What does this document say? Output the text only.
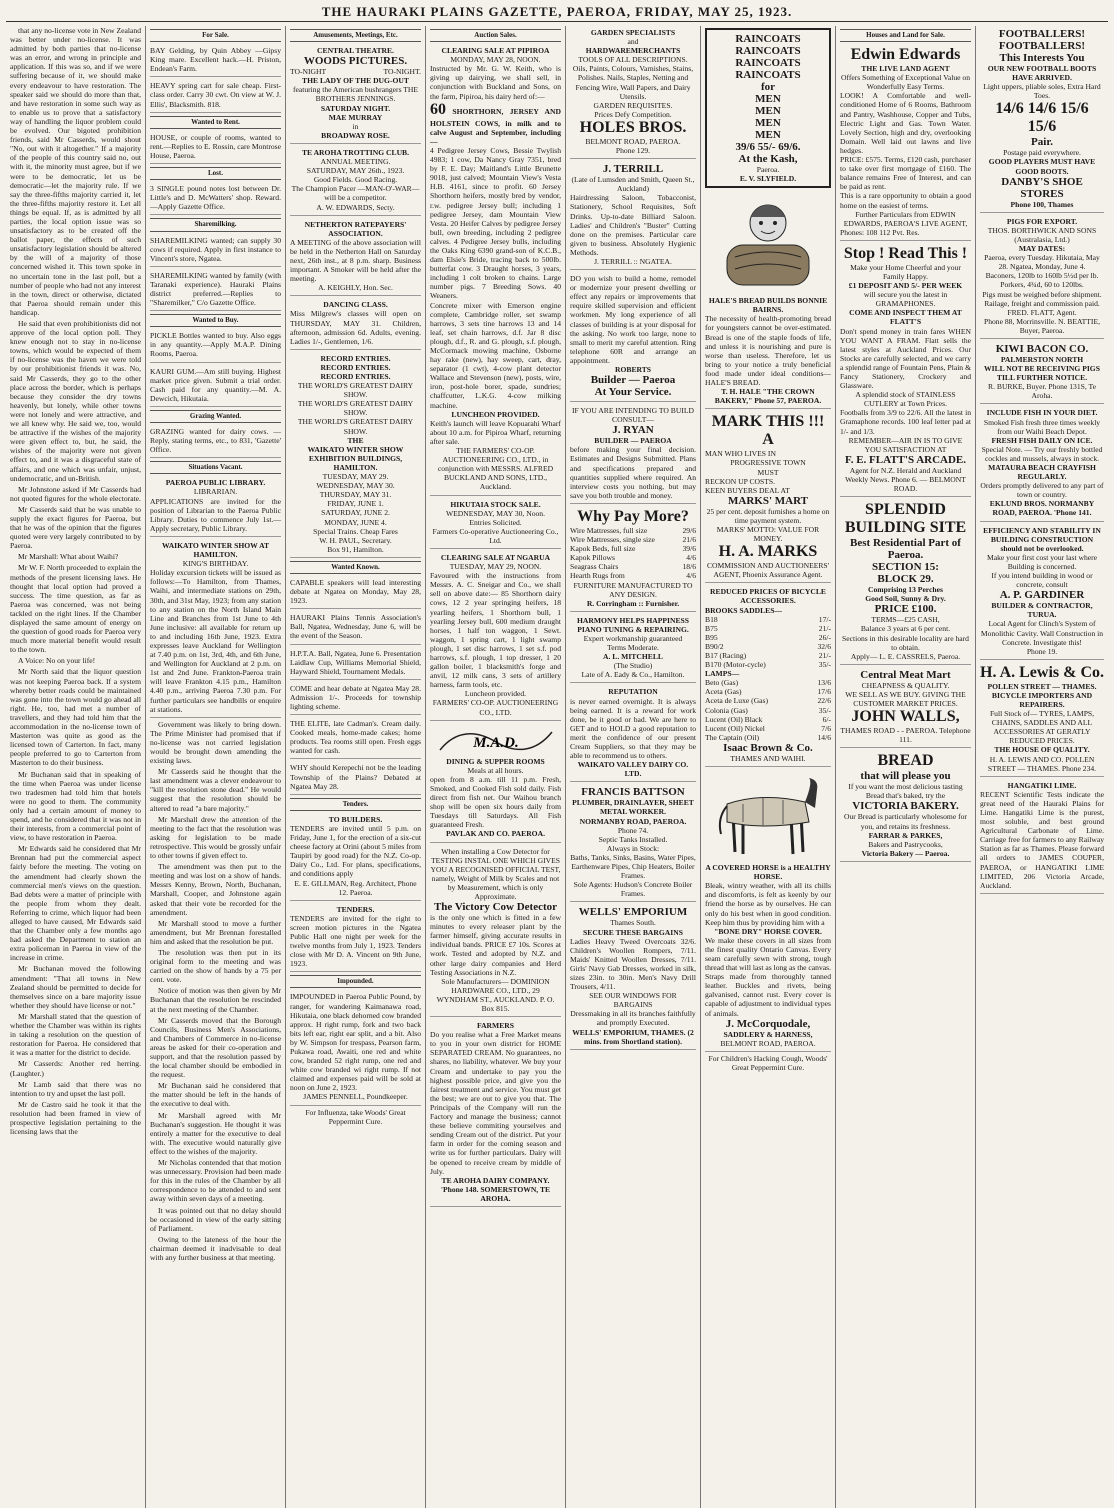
THE HAURAKI PLAINS GAZETTE, PAEROA, FRIDAY, MAY 25, 1923.

that any no-license vote in New Zealand was better under no-license. It was admitted by both parties that no-license was an error, and wrong in principle and application. If this was so, and if we were suffering because of it, we should make every endeavour to have restoration. The speaker said we should do more than that, and have restoration in some such way as to enable us to prove that a satisfactory way of handling the liquor problem could be evolved. Our bigoted prohibition friends, said Mr Casserds, would shout "No, out with it altogether." If a majority of the people of this country said no, out with it, the minority must agree, but if we were to be democratic, let us be democratic—let the majority rule. If we say the three-fifths majority carried it, let the three-fifths majority restore it. Let all things be equal. If, as is admitted by all parties, the local option issue was so unsatisfactory as to be created off the ballot paper, the effects of such unsatisfactory legislation should be altered by the will of a majority of those concerned wished it. This town spoke in no uncertain tone in the last poll, but a number of people who had not any interest in the town, direct or otherwise, dictated that Paeroa should remain under this handicap.

He said that even prohibitionists did not approve of the local option poll. They knew enough not to stay in no-license towns, which would be expected of them if no-license was the haven we were told by our prohibitionist friends it was. No, said Mr Casserds, they go to the other place across the border, which is perhaps because they consider the dry towns heavenly, but lonely, while other towns were not lonely and were attractive, and we all knew why. He said we, too, would be attractive if the wishes of the majority were given effect to, but, he said, the wishes of the majority were not given effect to, and it was a disgraceful state of affairs, and one which was unfair, unjust, undemocratic, and un-British.

Mr Johnstone asked if Mr Casserds had not quoted figures for the whole electorate.

Mr Casserds said that he was unable to supply the exact figures for Paeroa, but that he was of the opinion that the figures quoted were very largely contributed to by Paeroa.

Mr Marshall: What about Waihi?

Mr W. F. North proceeded to explain the methods of the present licensing laws. He thought that local option had proved a success. The time question, as far as Paeroa was concerned, was not being tackled on the right lines. If the Chamber displayed the same amount of energy on the question of good roads for Paeroa very much more material benefit would result to the town.

A Voice: No on your life!

Mr North said that the liquor question was not keeping Paeroa back. If a system whereby better roads could be maintained was gone into the town would go ahead all right. He, too, had met a number of travellers, and they had told him that the accommodation in the no-license town of Masterton was quite as good as the licensed town of Carterton. In fact, many people preferred to go to Carterton from Masterton to do their business.

Mr Buchanan said that in speaking of the time when Paeroa was under license two tradesmen had told him that hotels were no good to them. The community only had a certain amount of money to spend, and he considered that it was not in their interests, from a commercial point of view, to have restoration in Paeroa.

Mr Edwards said he considered that Mr Brennan had put the commercial aspect fairly before the meeting. The voting on the amendment had clearly shown the commercial men's views on the question. Bad debts were a matter of principle with the people from whom they dealt. Referring to crime, which liquor had been alleged to have caused, Mr Edwards said that the Chamber only a few months ago had asked the Department to station an extra policeman in Paeroa in view of the increase in crime.

Mr Buchanan moved the following amendment: "That all towns in New Zealand should be permitted to decide for themselves since on a bare majority issue whether they should have license or not."

Mr Marshall stated that the question of whether the Chamber was within its rights in taking a resolution on the question of restoration for Paeroa. He considered that it was a matter for the district to decide.

Mr Casserds: Another red herring. (Laughter.)

Mr Lamb said that there was no intention to try and upset the last poll.

Mr de Castro said he took it that the resolution had been framed in view of prospective legislation pertaining to the licensing laws that the

For Sale.
BAY Gelding, by Quin Abbey —Gipsy King mare. Excellent hack.—H. Priston, Endean's Farm.
HEAVY spring cart for sale cheap. First-class order. Carry 30 cwt. On view at W. J. Ellis', Blacksmith. 818.
Wanted to Rent.
HOUSE, or couple of rooms, wanted to rent.—Replies to E. Rossin, care Montrose House, Paeroa.
Lost.
3 SINGLE pound notes lost between Dr. Little's and D. McWatters' shop. Reward.—Apply Gazette Office.
Sharemilking.
SHAREMILKING wanted; can supply 30 cows if required. Apply in first instance to Vincent's store, Ngatea.
SHAREMILKING wanted by family (with Taranaki experience). Hauraki Plains district preferred.—Replies to "Sharemilker," C/o Gazette Office.
Wanted to Buy.
PICKLE Bottles wanted to buy. Also eggs in any quantity.—Apply M.A.P. Dining Rooms, Paeroa.
KAURI GUM.—Am still buying. Highest market price given. Submit a trial order. Cash paid for any quantity.—M. A. Dewcich, Hikutaia.
Grazing Wanted.
GRAZING wanted for dairy cows. — Reply, stating terms, etc., to 831, 'Gazette' Office.
Situations Vacant.
PAEROA PUBLIC LIBRARY.
LIBRARIAN.
APPLICATIONS are invited for the position of Librarian to the Paeroa Public Library. Duties to commence July 1st.—Apply secretary, Public Library.
WAIKATO WINTER SHOW AT HAMILTON.
KING'S BIRTHDAY.
Holiday excursion tickets will be issued as follows:—To Hamilton, from Thames, Waihi, and intermediate stations on 29th, 30th, and 31st May, 1923; from any station to any station on the North Island Main Line and Branches from 1st June to 4th June inclusive: all available for return up to and including 16th June, 1923. Extra expresses leave Auckland for Wellington at 7.40 p.m. on 1st, 3rd, 4th, and 6th June, and Wellington for Auckland at 2 p.m. on 1st and 2nd June. Frankton-Paeroa train will leave Frankton 4.15 p.m., Hamilton 4.40 p.m., arriving Paeroa 7.30 p.m. For further particulars see handbills or enquire at stations.

Government was likely to bring down. The Prime Minister had promised that if no-license was not carried legislation would be brought down amending the existing laws.

Mr Casserds said he thought that the last amendment was a clever endeavour to "kill the resolution stone dead." He would suggest that the resolution should be altered to read "a bare majority."

Mr Marshall drew the attention of the meeting to the fact that the resolution was asking for legislation to be made retrospective. This would be grossly unfair to other towns if given effect to.

The amendment was then put to the meeting and was lost on a show of hands. Messrs Kenny, Brown, North, Buchanan, Marshall, Cooper, and Johnstone again asked that their vote be recorded for the amendment.

Mr Marshall stood to move a further amendment, but Mr Brennan forestalled him and asked that the resolution be put.

The resolution was then put in its original form to the meeting and was carried on the show of hands by a 75 per cent. vote.

Notice of motion was then given by Mr Buchanan that the resolution be rescinded at the next meeting of the Chamber.

Mr Casserds moved that the Borough Councils, Business Men's Associations, and Chambers of Commerce in no-license areas be asked for their co-operation and support, and that the resolution passed by the local chamber should be embodied in the request.

Mr Buchanan said he considered that the matter should be left in the hands of the executive to deal with.

Mr Marshall agreed with Mr Buchanan's suggestion. He thought it was entirely a matter for the executive to deal with. The executive would naturally give effect to the wishes of the majority.

Mr Nicholas contended that that motion was unnecessary. Provision had been made for this in the rules of the Chamber by all correspondence to be attended to and sent away within seven days of a meeting.

It was pointed out that no delay should be occasioned in view of the early sitting of Parliament.

Owing to the lateness of the hour the chairman deemed it inadvisable to deal with any further business at that meeting.

Amusements, Meetings, Etc.
CENTRAL THEATRE.
WOODS PICTURES.
TO-NIGHT	TO-NIGHT.
THE LADY OF THE DUG-OUT
featuring the American bushrangers THE BROTHERS JENNINGS.
SATURDAY NIGHT.
MAE MURRAY
in
BROADWAY ROSE.
TE AROHA TROTTING CLUB.
ANNUAL MEETING.
SATURDAY, MAY 26th., 1923.
Good Fields. Good Racing.
The Champion Pacer —MAN-O'-WAR— will be a competitor.
A. W. EDWARDS, Secty.
NETHERTON RATEPAYERS' ASSOCIATION.
A MEETING of the above association will be held in the Netherton Hall on Saturday next, 26th inst., at 8 p.m. sharp. Business important. A Smoker will be held after the meeting.
A. KEIGHLY, Hon. Sec.
DANCING CLASS.
Miss Milgrew's classes will open on THURSDAY, MAY 31. Children, afternoon, admission 6d. Adults, evening. Ladies 1/-, Gentlemen, 1/6.
RECORD ENTRIES.
RECORD ENTRIES.
RECORD ENTRIES.
THE WORLD'S GREATEST DAIRY SHOW.
THE WORLD'S GREATEST DAIRY SHOW.
THE WORLD'S GREATEST DAIRY SHOW.
THE
WAIKATO WINTER SHOW EXHIBITION BUILDINGS, HAMILTON.
TUESDAY, MAY 29.
WEDNESDAY, MAY 30.
THURSDAY, MAY 31.
FRIDAY, JUNE 1.
SATURDAY, JUNE 2.
MONDAY, JUNE 4.
Special Trains. Cheap Fares
W. H. PAUL, Secretary.
Box 91, Hamilton.
Wanted Known.
CAPABLE speakers will lead interesting debate at Ngatea on Monday, May 28, 1923.
HAURAKI Plains Tennis Association's Ball, Ngatea, Wednesday, June 6, will be the event of the Season.
H.P.T.A. Ball, Ngatea, June 6. Presentation Laidlaw Cup, Williams Memorial Shield, Hayward Shield, Tournament Medals.
COME and hear debate at Ngatea May 28. Admission 1/-. Proceeds for township lighting scheme.
THE ELITE, late Cadman's. Cream daily. Cooked meals, home-made cakes; home products. Tea rooms still open. Fresh eggs wanted for cash.
WHY should Kerepechi not be the leading Township of the Plains? Debated at Ngatea May 28.
Tenders.
TO BUILDERS.
TENDERS are invited until 5 p.m. on Friday, June 1, for the erection of a six-cut cheese factory at Orini (about 5 miles from Taupiri by good road) for the N.Z. Co-op. Dairy Co., Ltd. For plans, specifications, and conditions apply
E. E. GILLMAN, Reg. Architect, Phone 12. Paeroa.
TENDERS.
TENDERS are invited for the right to screen motion pictures in the Ngatea Public Hall one night per week for the twelve months from July 1, 1923. Tenders close with Mr D. A. Vincent on 9th June, 1923.
Impounded.
IMPOUNDED in Paeroa Public Pound, by ranger, for wandering Kaimanawa road, Hikutaia, one black dehorned cow branded approx. H right rump, fork and two back bits left ear, right ear split, and a bit. Also by W. Simpson for trespass, Pearson farm, Pukawa road, Awaiti, one red and white cow, branded 52 right rump, one red and white cow branded wi right rump. If not claimed and expenses paid will be sold at noon on June 2, 1923.
JAMES PENNELL, Poundkeeper.
For Influenza, take Woods' Great Peppermint Cure.
Auction Sales.
CLEARING SALE AT PIPIROA
MONDAY, MAY 28, NOON.
Instructed by Mr. G. W. Keith, who is giving up dairying, we shall sell, in conjunction with Buckland and Sons, on the farm, Pipiroa, his dairy herd of:—
60 SHORTHORN, JERSEY AND HOLSTEIN COWS, in milk and to calve August and September, including—
4 Pedigree Jersey Cows, Bessie Twylish 4983; 1 cow, Da Nancy Gray 7351, bred by F. E. Day; Maitland's Little Brunette 9018, just calved; Mountain View's Vesta H.B. 4161, since to profit. 60 Jersey Shorthorn heifers, mostly bred by vendor, r.w. pedigree Jersey bull; including 1 pedigree Jersey, dam Mountain View Vesta. 20 Heifer Calves by pedigree Jersey bull, own breeding, including 2 pedigree calves. 4 Pedigree Jersey bulls, including the Oaks King 6390 grand-son of K.C.B., dam Elsie's Bride, tracing back to 500lb. butterfat cow. 3 Draught horses, 3 years, including 1 colt broken to chains. Large number pigs. 7 Breeding Sows. 40 Weaners.
Concrete mixer with Emerson engine complete, Cambridge roller, set swamp harrows, 3 sets tine harrows 13 and 14 leaf, set chain harrows, d.f. Jar 8 disc plough, d.f., R. and G. plough, s.f. plough, McCormack mowing machine, Osborne hay rake (new), hay sweep, cart, dray, separator (1 cwt), 4-cow plant detector Wallace and Stevenson (new), posts, wire, iron, post-hole borer, spade, sundries; chaffcutter, L.K.G. 4-cow milking machine.
LUNCHEON PROVIDED.
Keith's launch will leave Kopuarahi Wharf about 10 a.m. for Pipiroa Wharf, returning after sale.
THE FARMERS' CO-OP. AUCTIONEERING CO., LTD., in conjunction with MESSRS. ALFRED BUCKLAND AND SONS, LTD., Auckland.
HIKUTAIA STOCK SALE.
WEDNESDAY, MAY 30, Noon.
Entries Solicited.
Farmers Co-operative Auctioneering Co., Ltd.
CLEARING SALE AT NGARUA
TUESDAY, MAY 29, NOON.
Favoured with the instructions from Messrs. A. C. Sneigar and Co., we shall sell on above date:— 85 Shorthorn dairy cows, 12 2 year springing heifers, 18 yearling heifers, 1 Shorthorn bull, 1 yearling Jersey bull, 600 medium draught horses, 1 half ton waggon, 1 Sewt. waggon, 1 spring cart, 1 light swamp plough, 1 set disc harrows, 1 set s.f. pod harrows, s.f. plough, 1 top dresser, 1 20 gallon boiler, 1 blacksmith's forge and anvil, 12 milk cans, 3 sets of artillery harness, farm tools, etc.
Luncheon provided.
FARMERS' CO-OP. AUCTIONEERING CO., LTD.
M.A.D.
DINING & SUPPER ROOMS
Meals at all hours.
open from 8 a.m. till 11 p.m. Fresh, Smoked, and Cooked Fish sold daily. Fish direct from fish net. Our Waihou branch shop will be open six hours daily from Tuesdays till Saturdays. All Fish guaranteed Fresh.
PAVLAK AND CO. PAEROA.
When installing a Cow Detector for TESTING INSTAL ONE WHICH GIVES YOU A RECOGNISED OFFICIAL TEST, namely, Weight of Milk by Scales and not by Measurement, which is only Approximate.
The Victory Cow Detector
is the only one which is fitted in a few minutes to every releaser plant by the farmer himself, giving accurate results in individual bands. PRICE £7 10s. Scores at work. Tested and adopted by N.Z. and other large dairy companies and Herd Testing Associations in N.Z.
Sole Manufacturers— DOMINION HARDWARE CO., LTD., 29 WYNDHAM ST., AUCKLAND. P. O. Box 815.
FARMERS
Do you realise what a Free Market means to you in your own district for HOME SEPARATED CREAM. No guarantees, no shares, no liability, whatever. We buy your Cream and undertake to pay you the highest possible price, and give you the fairest treatment and service. You must get the best; we are out to give you that. The Principals of the Company will run the Factory and manage the business; cannot these believe commiting yourselves and sending Cream out of the district. Put your farm in order for the coming season and write us for further particulars. Dairy will be opened to receive cream by middle of July.
TE AROHA DAIRY COMPANY. 'Phone 148. SOMERSTOWN, TE AROHA.
GARDEN SPECIALISTS
and
HARDWAREMERCHANTS
TOOLS OF ALL DESCRIPTIONS.
Oils, Paints, Colours, Varnishes, Stains, Polishes. Nails, Staples, Netting and Fencing Wire, Wall Papers, and Dairy Utensils.
GARDEN REQUISITES.
Prices Defy Competition.
HOLES BROS.
BELMONT ROAD, PAEROA.
Phone 129.
J. TERRILL
(Late of Lumsden and Smith, Queen St., Auckland)
Hairdressing Saloon, Tobacconist, Stationery, School Requisites, Soft Drinks. Up-to-date Billiard Saloon. Ladies' and Children's "Buster" Cutting done on the premises. Particular care given to business. Absolutely Hygienic Methods.
J. TERRILL :: NGATEA.
DO you wish to build a home, remodel or modernize your present dwelling or effect any repairs or improvements that require skilled supervision and efficient workmen. My long experience of all classes of building is at your disposal for the asking. No work too large, none to small to merit my careful attention. Ring telephone 60R and arrange an appointment.
ROBERTS
Builder — Paeroa
At Your Service.
IF YOU ARE INTENDING TO BUILD CONSULT—
J. RYAN
BUILDER — PAEROA
before making your final decision. Estimates and Designs Submitted. Plans and specifications prepared and quantities supplied where required. An interview costs you nothing, but may save you both trouble and money.
Why Pay More?
Wire Mattresses, full size	29/6
Wire Mattresses, single size	21/6
Kapok Beds, full size	39/6
Kapok Pillows	4/6
Seagrass Chairs	18/6
Hearth Rugs from	4/6
FURNITURE MANUFACTURED TO ANY DESIGN.
R. Corringham :: Furnisher.
HARMONY HELPS HAPPINESS
PIANO TUNING & REPAIRING.
Expert workmanship guaranteed
Terms Moderate.
A. L. MITCHELL
(The Studio)
Late of A. Eady & Co., Hamilton.
REPUTATION
is never earned overnight. It is always being earned. It is a reward for work done, be it good or bad. We are here to GET and to HOLD a good reputation to merit the confidence of our present Cream Suppliers, so that they may be able to recommend us to others.
WAIKATO VALLEY DAIRY CO. LTD.
FRANCIS BATTSON
PLUMBER, DRAINLAYER, SHEET METAL WORKER.
NORMANBY ROAD, PAEROA.
Phone 74.
Septic Tanks Installed.
Always in Stock:
Baths, Tanks, Sinks, Basins, Water Pipes, Earthenware Pipes, Chip Heaters, Boiler Frames.
Sole Agents: Hudson's Concrete Boiler Frames.
WELLS' EMPORIUM
Thames South.
SECURE THESE BARGAINS
Ladies Heavy Tweed Overcoats 32/6. Children's Woollen Rompers, 7/11. Maids' Knitted Woollen Dresses, 7/11. Girls' Navy Gab Dresses, worked in silk, sizes 23in. to 30in. Men's Navy Drill Trousers, 4/11.
SEE OUR WINDOWS FOR BARGAINS
Dressmaking in all its branches faithfully and promptly Executed.
WELLS' EMPORIUM, THAMES. (2 mins. from Shortland station).
RAINCOATS
RAINCOATS
RAINCOATS
RAINCOATS
for
MEN
MEN
MEN
MEN
39/6 55/- 69/6.
At the Kash,
Paeroa.
E. V. SLYFIELD.
HALE'S BREAD BUILDS BONNIE BAIRNS.
The necessity of health-promoting bread for youngsters cannot be over-estimated. Bread is one of the staple foods of life, and unless it is nourishing and pure is worse than useless. Therefore, let us bring to your notice a truly beneficial food made under ideal conditions— HALE'S BREAD.
T. H. HALE "THE CROWN BAKERY," Phone 57, PAEROA.
MARK THIS !!!
A
MAN WHO LIVES IN
PROGRESSIVE TOWN
MUST
RECKON UP COSTS.
KEEN BUYERS DEAL AT
MARKS' MART
25 per cent. deposit furnishes a home on time payment system.
MARKS' MOTTO: VALUE FOR MONEY.
H. A. MARKS
COMMISSION AND AUCTIONEERS' AGENT, Phoenix Assurance Agent.
REDUCED PRICES OF BICYCLE ACCESSORIES.
BROOKS SADDLES—
B18	17/-
B75	21/-
B95	26/-
B90/2	32/6
B17 (Racing)	21/-
B170 (Motor-cycle)	35/-
LAMPS—
Beto (Gas)	13/6
Aceta (Gas)	17/6
Aceta de Luxe (Gas)	22/6
Colonia (Gas)	35/-
Lucent (Oil) Black	6/-
Lucent (Oil) Nickel	7/6
The Captain (Oil)	14/6
Isaac Brown & Co.
THAMES AND WAIHI.
A COVERED HORSE is a HEALTHY HORSE.
Bleak, wintry weather, with all its chills and discomforts, is felt as keenly by our friend the horse as by ourselves. He can only do his best when in good condition. Keep him thus by providing him with a
"BONE DRY" HORSE COVER.
We make these covers in all sizes from the finest quality Ontario Canvas. Every seam carefully sewn with strong, tough thread that will last as long as the canvas. Straps made from thoroughly tanned leather. Buckles and rivets, being galvanised, cannot rust. Every cover is capable of adjustment to individual types of animals.
J. McCorquodale,
SADDLERY & HARNESS,
BELMONT ROAD, PAEROA.
For Children's Hacking Cough, Woods' Great Peppermint Cure.
Houses and Land for Sale.
Edwin Edwards
THE LIVE LAND AGENT
Offers Something of Exceptional Value on Wonderfully Easy Terms.
LOOK! A Comfortable and well-conditioned Home of 6 Rooms, Bathroom and Pantry, Washhouse, Copper and Tubs, Electric Light and Gas. Town Water. Lovely Section, high and dry, overlooking Domain. Well laid out lawns and live hedges.
PRICE: £575. Terms, £120 cash, purchaser to take over first mortgage of £160. The balance remains Free of Interest, and can be paid as rent.
This is a rare opportunity to obtain a good home on the easiest of terms.
Further Particulars from EDWIN EDWARDS, PAEROA'S LIVE AGENT,
Phones: 108 112 Pvt. Res.
Stop ! Read This !
Make your Home Cheerful and your Family Happy.
£1 DEPOSIT AND 5/- PER WEEK
will secure you the latest in GRAMAPHONES.
COME AND INSPECT THEM AT FLATT'S
Don't spend money in train fares WHEN YOU WANT A FRAM. Flatt sells the latest styles at Auckland Prices. Our Stocks are carefully selected, and we carry a splendid range of Fountain Pens, Plain & Fancy Stationery, Crockery and Glassware.
A splendid stock of STAINLESS CUTLERY at Town Prices.
Footballs from 3/9 to 22/6. All the latest in Gramaphone records. 100 leaf letter pad at 1/- and 1/3.
REMEMBER—AIR IN IS TO GIVE YOU SATISFACTION AT
F. E. FLATT'S ARCADE.
Agent for N.Z. Herald and Auckland Weekly News. Phone 6. — BELMONT ROAD.
SPLENDID BUILDING SITE
Best Residential Part of Paeroa.
SECTION 15:
BLOCK 29.
Comprising 13 Perches
Good Soil, Sunny & Dry.
PRICE £100.
TERMS—£25 CASH,
Balance 3 years at 6 per cent.
Sections in this desirable locality are hard to obtain.
Apply— L. E. CASSRELS, Paeroa.
Central Meat Mart
CHEAPNESS & QUALITY.
WE SELL AS WE BUY. GIVING THE CUSTOMER MARKET PRICES.
JOHN WALLS,
THAMES ROAD - - PAEROA. Telephone 111.
BREAD
that will please you
If you want the most delicious tasting Bread that's baked, try the
VICTORIA BAKERY.
Our Bread is particularly wholesome for you, and retains its freshness.
FARRAR & PARKES,
Bakers and Pastrycooks,
Victoria Bakery — Paeroa.
FOOTBALLERS!
FOOTBALLERS!
This Interests You
OUR NEW FOOTBALL BOOTS HAVE ARRIVED.
Light uppers, pliable soles, Extra Hard Toes.
14/6 14/6 15/6 15/6
Pair.
Postage paid everywhere.
GOOD PLAYERS MUST HAVE GOOD BOOTS.
DANBY'S SHOE STORES
Phone 100, Thames
PIGS FOR EXPORT.
THOS. BORTHWICK AND SONS (Australasia, Ltd.)
MAY DATES:
Paeroa, every Tuesday. Hikutaia, May 28. Ngatea, Monday, June 4.
Baconers, 120lb to 160lb 5½d per lb. Porkers, 4¾d, 60 to 120lbs.
Pigs must be weighed before shipment. Railage, freight and commission paid. FRED. FLATT, Agent.
Phone 88, Morrinsville. N. BEATTIE, Buyer, Paeroa.
KIWI BACON CO.
PALMERSTON NORTH
WILL NOT BE RECEIVING PIGS TILL FURTHER NOTICE.
R. BURKE, Buyer. Phone 131S, Te Aroha.
INCLUDE FISH IN YOUR DIET.
Smoked Fish fresh three times weekly from our Waihi Beach Depot.
FRESH FISH DAILY ON ICE.
Special Note. — Try our freshly bottled cockles and mussels, always in stock.
MATAURA BEACH CRAYFISH REGULARLY.
Orders promptly delivered to any part of town or country.
EKLUND BROS. NORMANBY ROAD, PAEROA. 'Phone 141.
EFFICIENCY AND STABILITY IN BUILDING CONSTRUCTION should not be overlooked.
Make your first cost your last where Building is concerned.
If you intend building in wood or concrete, consult
A. P. GARDINER
BUILDER & CONTRACTOR, TURUA.
Local Agent for Clinch's System of Monolithic Cavity. Wall Construction in Concrete. Investigate this!
Phone 19.
H. A. Lewis & Co.
POLLEN STREET — THAMES.
BICYCLE IMPORTERS AND REPAIRERS.
Full Stock of— TYRES, LAMPS, CHAINS, SADDLES AND ALL ACCESSORIES AT GERATLY REDUCED PRICES.
THE HOUSE OF QUALITY.
H. A. LEWIS AND CO. POLLEN STREET — THAMES. Phone 234.
HANGATIKI LIME.
RECENT Scientific Tests indicate the great need of the Hauraki Plains for Lime. Hangatiki Lime is the purest, most soluble, and best ground Agricultural Carbonate of Lime. Carriage free for farmers to any Railway Station as far as Thames. Please forward all orders to JAMES COUPER, PAEROA, or HANGATIKI LIME LIMITED, 206 Victoria Arcade, Auckland.
